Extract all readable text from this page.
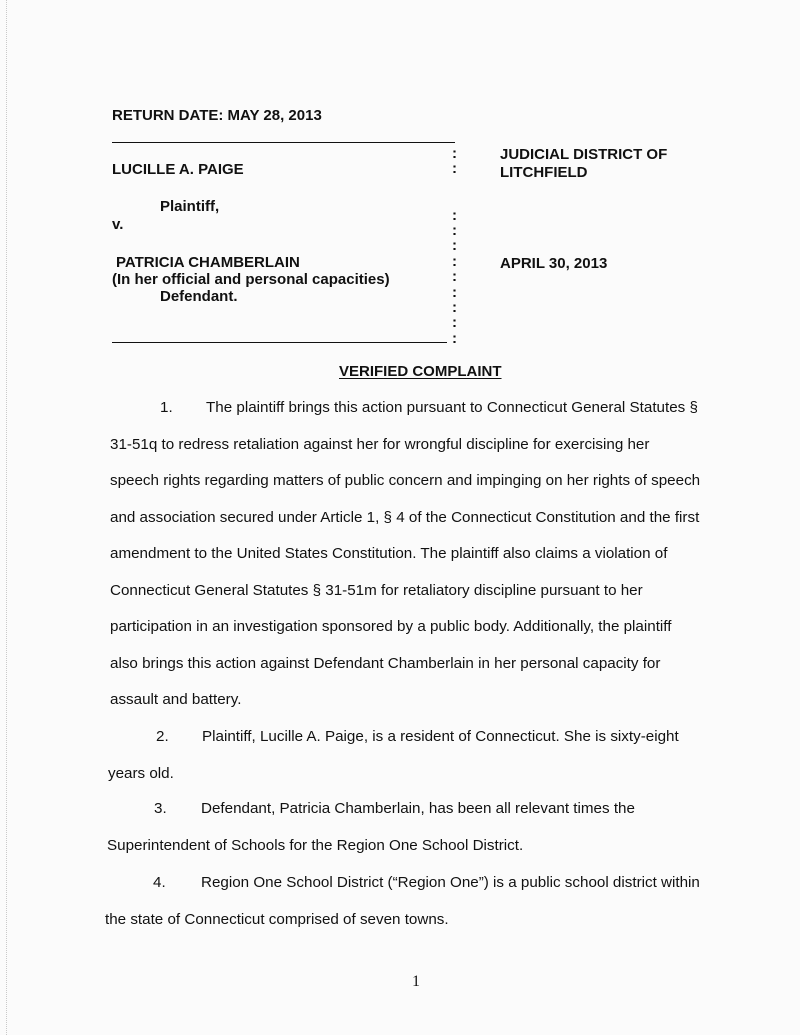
RETURN DATE: MAY 28, 2013
LUCILLE A. PAIGE
Plaintiff,
v.
PATRICIA CHAMBERLAIN
(In her official and personal capacities)
Defendant.
:
:

:
:
:
:
:
:
:
:
:
JUDICIAL DISTRICT OF
LITCHFIELD
APRIL 30, 2013
VERIFIED COMPLAINT
1. The plaintiff brings this action pursuant to Connecticut General Statutes §
31-51q to redress retaliation against her for wrongful discipline for exercising her
speech rights regarding matters of public concern and impinging on her rights of speech
and association secured under Article 1, § 4 of the Connecticut Constitution and the first
amendment to the United States Constitution. The plaintiff also claims a violation of
Connecticut General Statutes § 31-51m for retaliatory discipline pursuant to her
participation in an investigation sponsored by a public body. Additionally, the plaintiff
also brings this action against Defendant Chamberlain in her personal capacity for
assault and battery.
2. Plaintiff, Lucille A. Paige, is a resident of Connecticut. She is sixty-eight
years old.
3. Defendant, Patricia Chamberlain, has been all relevant times the
Superintendent of Schools for the Region One School District.
4. Region One School District (“Region One”) is a public school district within
the state of Connecticut comprised of seven towns.
1
